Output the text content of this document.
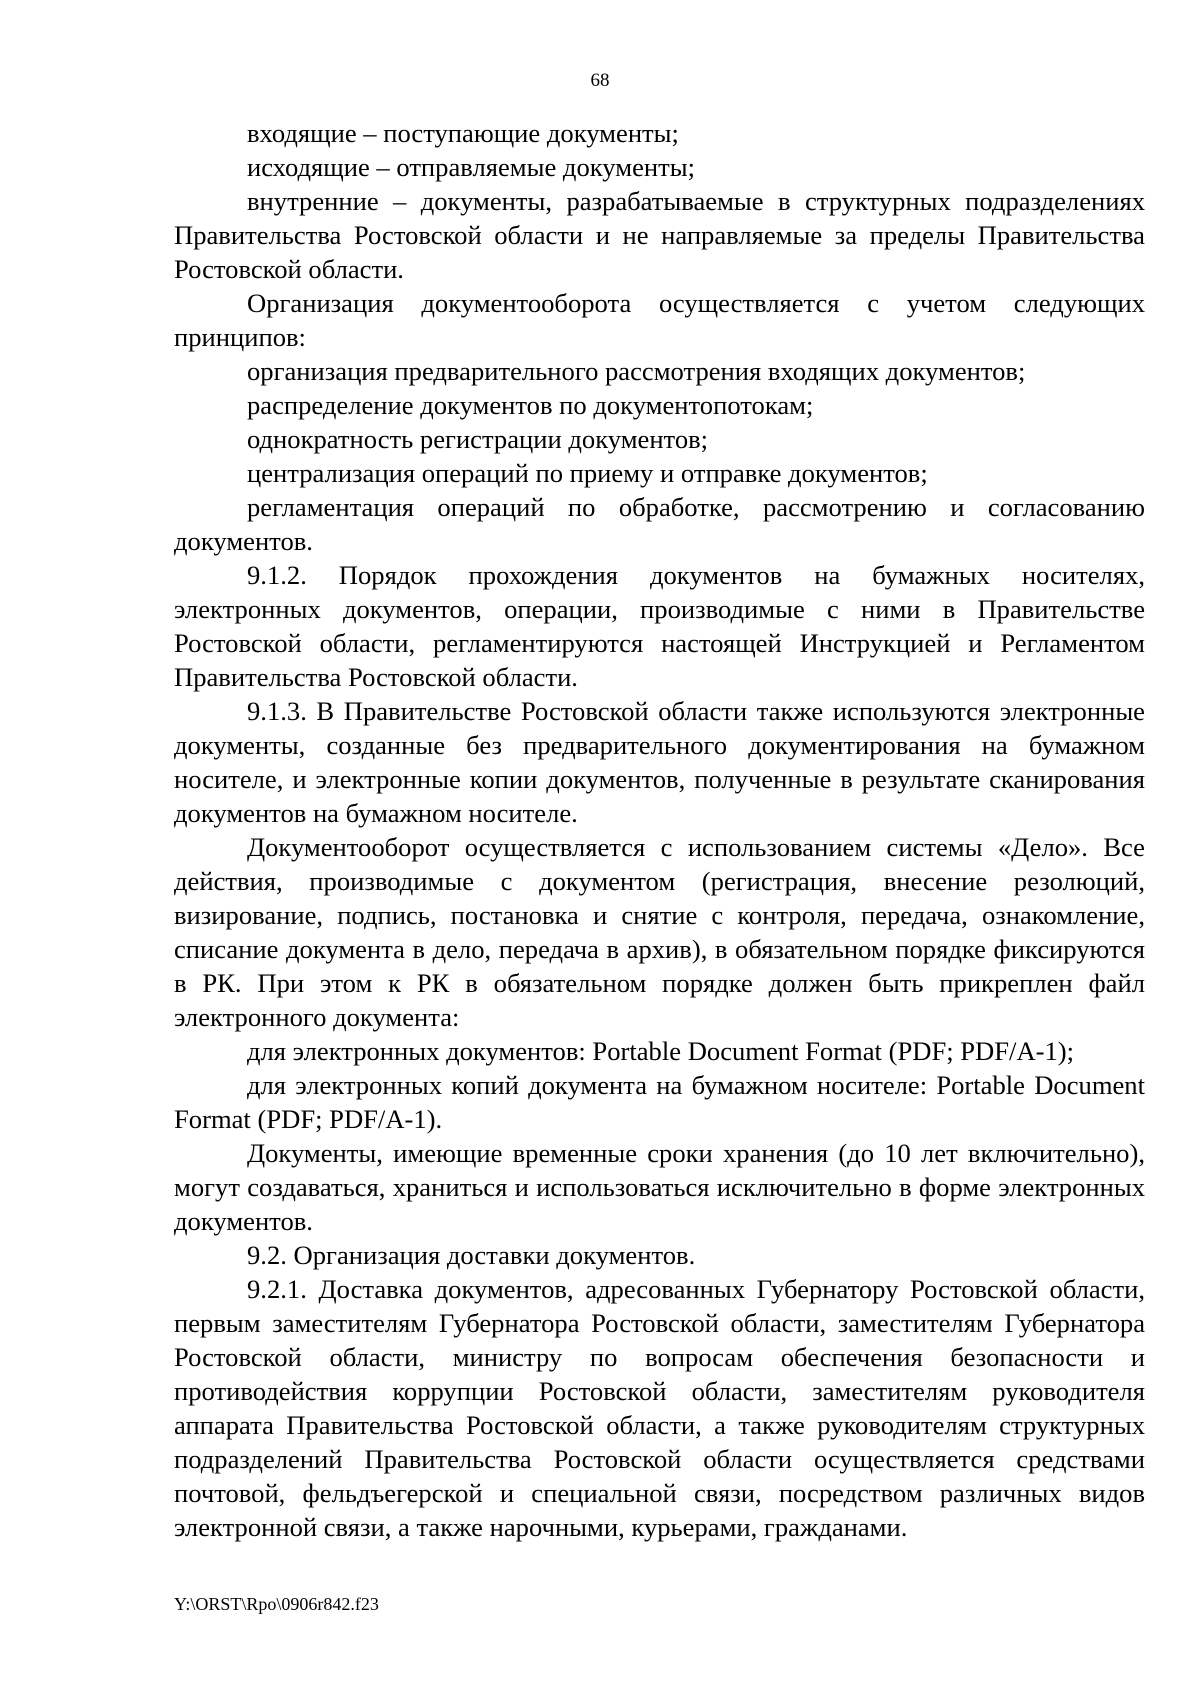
68

входящие – поступающие документы;

исходящие – отправляемые документы;

внутренние – документы, разрабатываемые в структурных подразделениях Правительства Ростовской области и не направляемые за пределы Правительства Ростовской области.

Организация документооборота осуществляется с учетом следующих принципов:

организация предварительного рассмотрения входящих документов;

распределение документов по документопотокам;

однократность регистрации документов;

централизация операций по приему и отправке документов;

регламентация операций по обработке, рассмотрению и согласованию документов.

9.1.2. Порядок прохождения документов на бумажных носителях, электронных документов, операции, производимые с ними в Правительстве Ростовской области, регламентируются настоящей Инструкцией и Регламентом Правительства Ростовской области.

9.1.3. В Правительстве Ростовской области также используются электронные документы, созданные без предварительного документирования на бумажном носителе, и электронные копии документов, полученные в результате сканирования документов на бумажном носителе.

Документооборот осуществляется с использованием системы «Дело». Все действия, производимые с документом (регистрация, внесение резолюций, визирование, подпись, постановка и снятие с контроля, передача, ознакомление, списание документа в дело, передача в архив), в обязательном порядке фиксируются в РК. При этом к РК в обязательном порядке должен быть прикреплен файл электронного документа:

для электронных документов: Portable Document Format (PDF; PDF/A-1);

для электронных копий документа на бумажном носителе: Portable Document Format (PDF; PDF/A-1).

Документы, имеющие временные сроки хранения (до 10 лет включительно), могут создаваться, храниться и использоваться исключительно в форме электронных документов.

9.2. Организация доставки документов.

9.2.1. Доставка документов, адресованных Губернатору Ростовской области, первым заместителям Губернатора Ростовской области, заместителям Губернатора Ростовской области, министру по вопросам обеспечения безопасности и противодействия коррупции Ростовской области, заместителям руководителя аппарата Правительства Ростовской области, а также руководителям структурных подразделений Правительства Ростовской области осуществляется средствами почтовой, фельдъегерской и специальной связи, посредством различных видов электронной связи, а также нарочными, курьерами, гражданами.

Y:\ORST\Rpo\0906r842.f23
